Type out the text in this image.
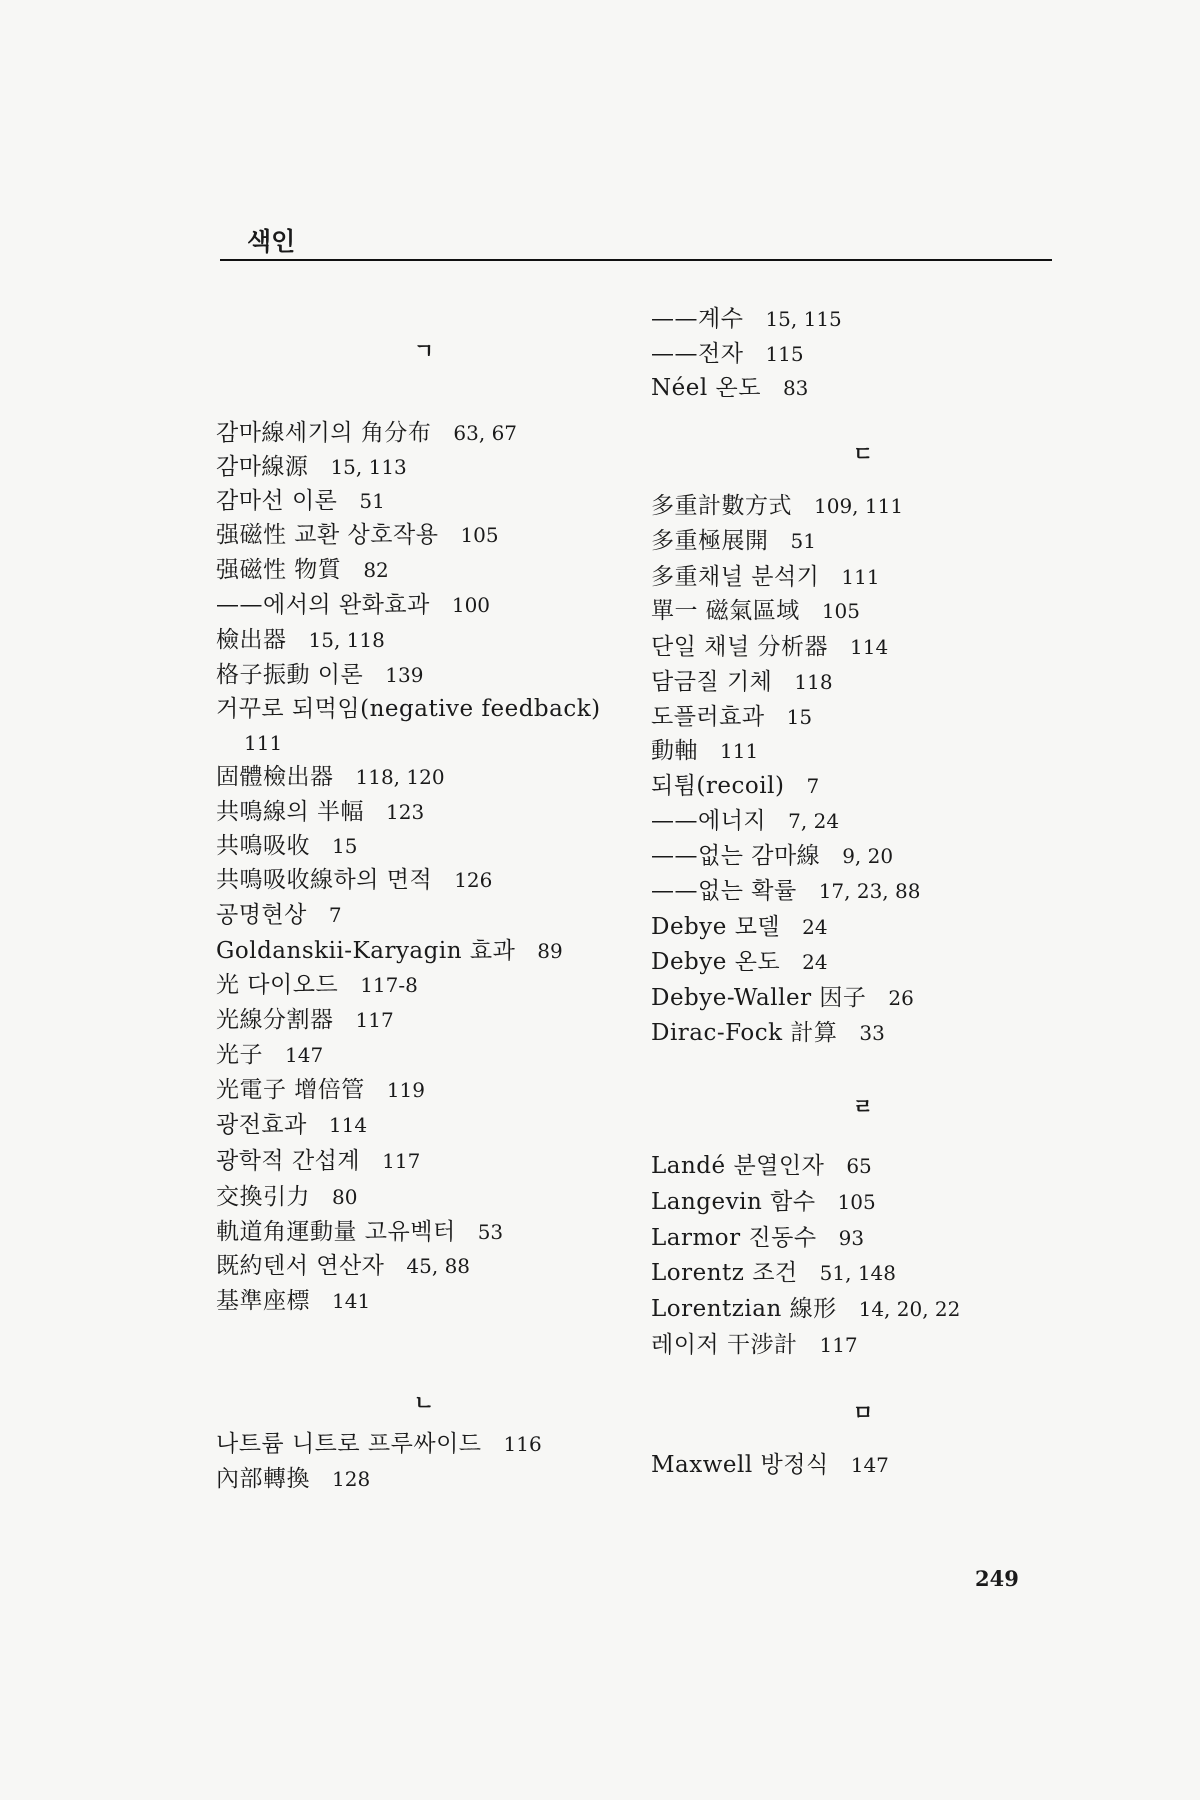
색인
ㄱ
감마線세기의 角分布 63, 67
감마線源 15, 113
감마선 이론 51
强磁性 교환 상호작용 105
强磁性 物質 82
——에서의 완화효과 100
檢出器 15, 118
格子振動 이론 139
거꾸로 되먹임(negative feedback)
111
固體檢出器 118, 120
共鳴線의 半幅 123
共鳴吸收 15
共鳴吸收線하의 면적 126
공명현상 7
Goldanskii-Karyagin 효과 89
光 다이오드 117-8
光線分割器 117
光子 147
光電子 增倍管 119
광전효과 114
광학적 간섭계 117
交換引力 80
軌道角運動量 고유벡터 53
既約텐서 연산자 45, 88
基準座標 141
ㄴ
나트륨 니트로 프루싸이드 116
內部轉換 128
——계수 15, 115
——전자 115
Néel 온도 83
ㄷ
多重計數方式 109, 111
多重極展開 51
多重채널 분석기 111
單一 磁氣區域 105
단일 채널 分析器 114
담금질 기체 118
도플러효과 15
動軸 111
되튐(recoil) 7
——에너지 7, 24
——없는 감마線 9, 20
——없는 확률 17, 23, 88
Debye 모델 24
Debye 온도 24
Debye-Waller 因子 26
Dirac-Fock 計算 33
ㄹ
Landé 분열인자 65
Langevin 함수 105
Larmor 진동수 93
Lorentz 조건 51, 148
Lorentzian 線形 14, 20, 22
레이저 干涉計 117
ㅁ
Maxwell 방정식 147
249
